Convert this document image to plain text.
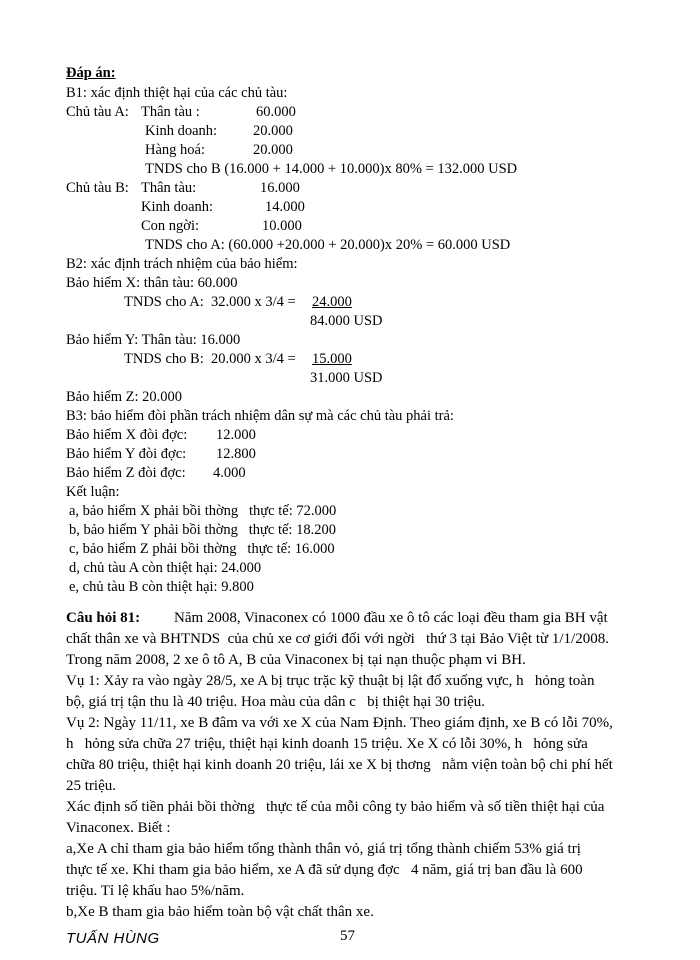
Đáp án:
B1: xác định thiệt hại của các chủ tàu:
Chủ tàu A: Thân tàu :	60.000
Kinh doanh: 20.000
Hàng hoá:	20.000
TNDS cho B (16.000 + 14.000 + 10.000)x 80% = 132.000 USD
Chủ tàu B: Thân tàu:	16.000
Kinh doanh:	14.000
Con ngời:	10.000
TNDS cho A: (60.000 +20.000 + 20.000)x 20% = 60.000 USD
B2: xác định trách nhiệm của bảo hiểm:
Bảo hiểm X: thân tàu: 60.000
TNDS cho A:  32.000 x 3/4 = 24.000
84.000 USD
Bảo hiểm Y: Thân tàu: 16.000
TNDS cho B:  20.000 x 3/4 = 15.000
31.000 USD
Bảo hiểm Z: 20.000
B3: bảo hiểm đòi phần trách nhiệm dân sự mà các chủ tàu phải trả:
Bảo hiểm X đòi đợc: 12.000
Bảo hiểm Y đòi đợc: 12.800
Bảo hiểm Z đòi đợc: 4.000
Kết luận:
a, bảo hiểm X phải bồi thờng   thực tế: 72.000
b, bảo hiểm Y phải bồi thờng   thực tế: 18.200
c, bảo hiểm Z phải bồi thờng   thực tế: 16.000
d, chủ tàu A còn thiệt hại: 24.000
e, chủ tàu B còn thiệt hại: 9.800
Câu hỏi 81: Năm 2008, Vinaconex có 1000 đầu xe ô tô các loại đều tham gia BH vật
chất thân xe và BHTNDS  của chủ xe cơ giới đối với ngời   thứ 3 tại Bảo Việt từ 1/1/2008.
Trong năm 2008, 2 xe ô tô A, B của Vinaconex bị tại nạn thuộc phạm vi BH.
Vụ 1: Xảy ra vào ngày 28/5, xe A bị trục trặc kỹ thuật bị lật đổ xuống vực, h   hỏng toàn
bộ, giá trị tận thu là 40 triệu. Hoa màu của dân c   bị thiệt hại 30 triệu.
Vụ 2: Ngày 11/11, xe B đâm va với xe X của Nam Định. Theo giám định, xe B có lỗi 70%,
h   hỏng sửa chữa 27 triệu, thiệt hại kinh doanh 15 triệu. Xe X có lỗi 30%, h   hỏng sửa
chữa 80 triệu, thiệt hại kinh doanh 20 triệu, lái xe X bị thơng   nằm viện toàn bộ chi phí hết
25 triệu.
Xác định số tiền phải bồi thờng   thực tế của mỗi công ty bảo hiểm và số tiền thiệt hại của
Vinaconex. Biết :
a,Xe A chỉ tham gia bảo hiểm tổng thành thân vỏ, giá trị tổng thành chiếm 53% giá trị
thực tế xe. Khi tham gia bảo hiểm, xe A đã sử dụng đợc   4 năm, giá trị ban đầu là 600
triệu. Tỉ lệ khấu hao 5%/năm.
b,Xe B tham gia bảo hiểm toàn bộ vật chất thân xe.
TUẤN HÙNG	57
